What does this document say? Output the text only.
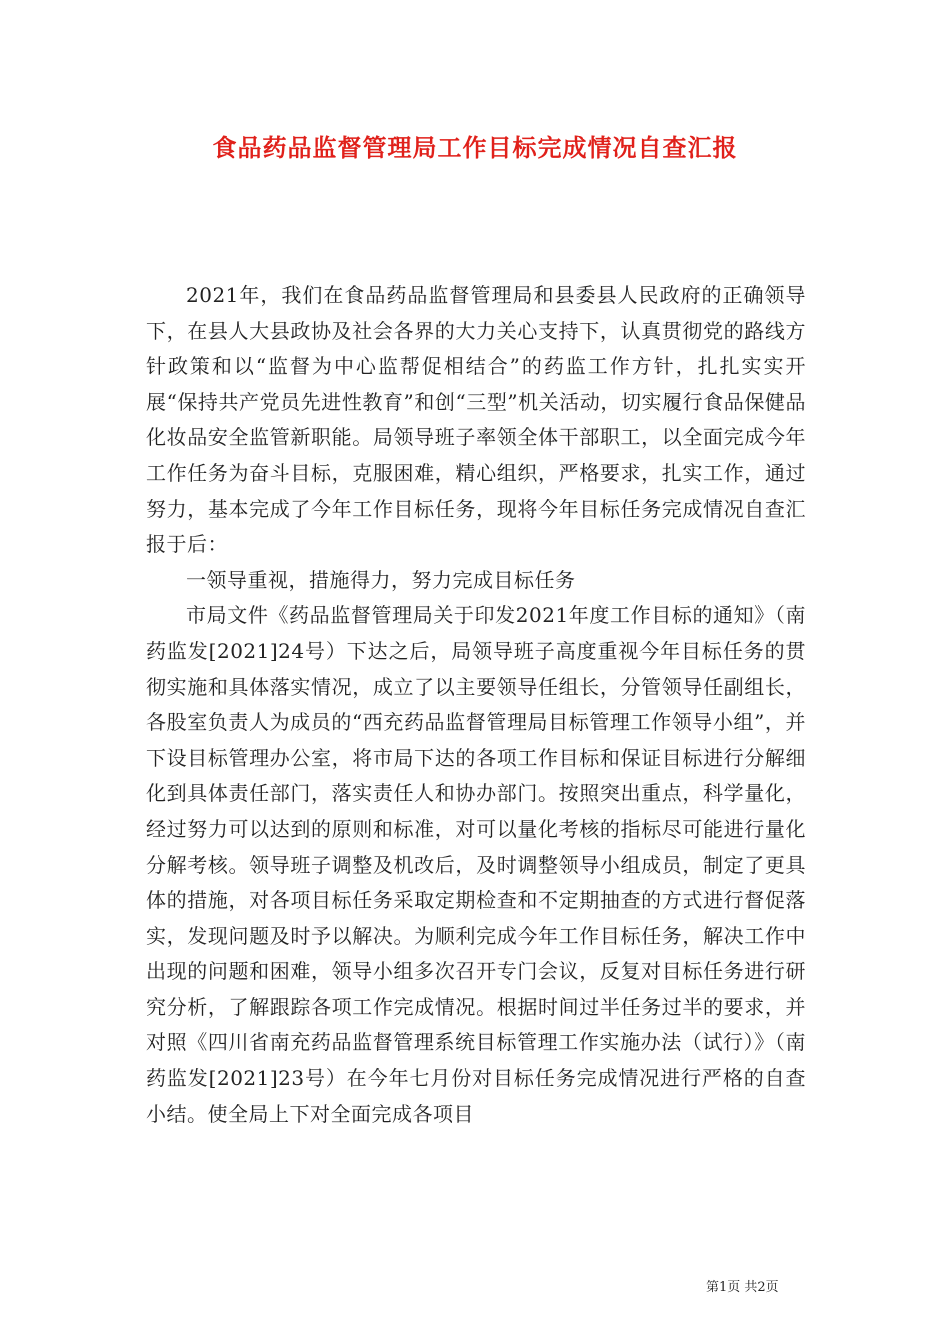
食品药品监督管理局工作目标完成情况自查汇报

2021年，我们在食品药品监督管理局和县委县人民政府的正确领导下，在县人大县政协及社会各界的大力关心支持下，认真贯彻党的路线方针政策和以“监督为中心监帮促相结合”的药监工作方针，扎扎实实开展“保持共产党员先进性教育”和创“三型”机关活动，切实履行食品保健品化妆品安全监管新职能。局领导班子率领全体干部职工，以全面完成今年工作任务为奋斗目标，克服困难，精心组织，严格要求，扎实工作，通过努力，基本完成了今年工作目标任务，现将今年目标任务完成情况自查汇报于后：

一领导重视，措施得力，努力完成目标任务

市局文件《药品监督管理局关于印发2021年度工作目标的通知》（南药监发[2021]24号）下达之后，局领导班子高度重视今年目标任务的贯彻实施和具体落实情况，成立了以主要领导任组长，分管领导任副组长，各股室负责人为成员的“西充药品监督管理局目标管理工作领导小组”，并下设目标管理办公室，将市局下达的各项工作目标和保证目标进行分解细化到具体责任部门，落实责任人和协办部门。按照突出重点，科学量化，经过努力可以达到的原则和标准，对可以量化考核的指标尽可能进行量化分解考核。领导班子调整及机改后，及时调整领导小组成员，制定了更具体的措施，对各项目标任务采取定期检查和不定期抽查的方式进行督促落实，发现问题及时予以解决。为顺利完成今年工作目标任务，解决工作中出现的问题和困难，领导小组多次召开专门会议，反复对目标任务进行研究分析，了解跟踪各项工作完成情况。根据时间过半任务过半的要求，并对照《四川省南充药品监督管理系统目标管理工作实施办法（试行）》（南药监发[2021]23号）在今年七月份对目标任务完成情况进行严格的自查小结。使全局上下对全面完成各项目

第1页 共2页
